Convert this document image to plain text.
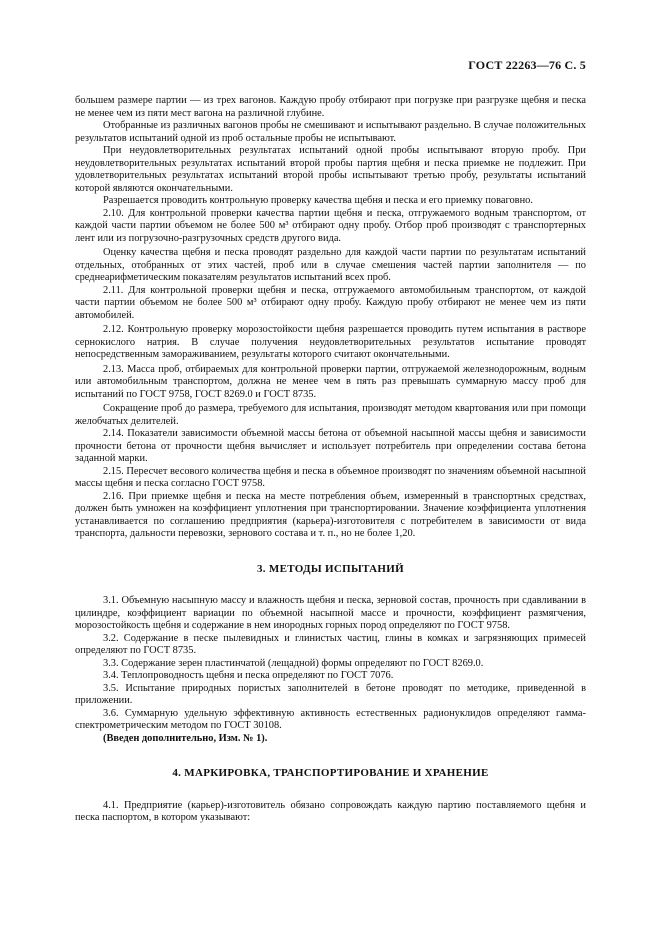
ГОСТ 22263—76 С. 5

большем размере партии — из трех вагонов. Каждую пробу отбирают при погрузке при разгрузке щебня и песка не менее чем из пяти мест вагона на различной глубине.

Отобранные из различных вагонов пробы не смешивают и испытывают раздельно. В случае положительных результатов испытаний одной из проб остальные пробы не испытывают.

При неудовлетворительных результатах испытаний одной пробы испытывают вторую пробу. При неудовлетворительных результатах испытаний второй пробы партия щебня и песка приемке не подлежит. При удовлетворительных результатах испытаний второй пробы испытывают третью пробу, результаты испытаний которой являются окончательными.

Разрешается проводить контрольную проверку качества щебня и песка и его приемку поваговно.

2.10. Для контрольной проверки качества партии щебня и песка, отгружаемого водным транспортом, от каждой части партии объемом не более 500 м³ отбирают одну пробу. Отбор проб производят с транспортерных лент или из погрузочно-разгрузочных средств другого вида.

Оценку качества щебня и песка проводят раздельно для каждой части партии по результатам испытаний отдельных, отобранных от этих частей, проб или в случае смешения частей партии заполнителя — по среднеарифметическим показателям результатов испытаний всех проб.

2.11. Для контрольной проверки щебня и песка, отгружаемого автомобильным транспортом, от каждой части партии объемом не более 500 м³ отбирают одну пробу. Каждую пробу отбирают не менее чем из пяти автомобилей.

2.12. Контрольную проверку морозостойкости щебня разрешается проводить путем испытания в растворе сернокислого натрия. В случае получения неудовлетворительных результатов испытание проводят непосредственным замораживанием, результаты которого считают окончательными.

2.13. Масса проб, отбираемых для контрольной проверки партии, отгружаемой железнодорожным, водным или автомобильным транспортом, должна не менее чем в пять раз превышать суммарную массу проб для испытаний по ГОСТ 9758, ГОСТ 8269.0 и ГОСТ 8735.

Сокращение проб до размера, требуемого для испытания, производят методом квартования или при помощи желобчатых делителей.

2.14. Показатели зависимости объемной массы бетона от объемной насыпной массы щебня и зависимости прочности бетона от прочности щебня вычисляет и использует потребитель при определении состава бетона заданной марки.

2.15. Пересчет весового количества щебня и песка в объемное производят по значениям объемной насыпной массы щебня и песка согласно ГОСТ 9758.

2.16. При приемке щебня и песка на месте потребления объем, измеренный в транспортных средствах, должен быть умножен на коэффициент уплотнения при транспортировании. Значение коэффициента уплотнения устанавливается по соглашению предприятия (карьера)-изготовителя с потребителем в зависимости от вида транспорта, дальности перевозки, зернового состава и т. п., но не более 1,20.

3. МЕТОДЫ ИСПЫТАНИЙ

3.1. Объемную насыпную массу и влажность щебня и песка, зерновой состав, прочность при сдавливании в цилиндре, коэффициент вариации по объемной насыпной массе и прочности, коэффициент размягчения, морозостойкость щебня и содержание в нем инородных горных пород определяют по ГОСТ 9758.

3.2. Содержание в песке пылевидных и глинистых частиц, глины в комках и загрязняющих примесей определяют по ГОСТ 8735.

3.3. Содержание зерен пластинчатой (лещадной) формы определяют по ГОСТ 8269.0.

3.4. Теплопроводность щебня и песка определяют по ГОСТ 7076.

3.5. Испытание природных пористых заполнителей в бетоне проводят по методике, приведенной в приложении.

3.6. Суммарную удельную эффективную активность естественных радионуклидов определяют гамма-спектрометрическим методом по ГОСТ 30108.

(Введен дополнительно, Изм. № 1).

4. МАРКИРОВКА, ТРАНСПОРТИРОВАНИЕ И ХРАНЕНИЕ

4.1. Предприятие (карьер)-изготовитель обязано сопровождать каждую партию поставляемого щебня и песка паспортом, в котором указывают:
